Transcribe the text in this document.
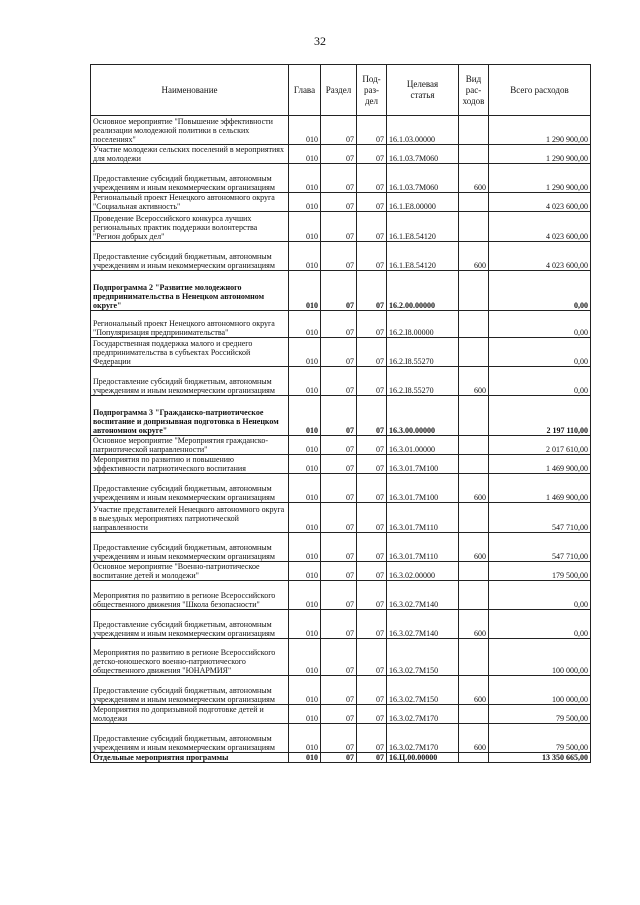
32
Наименование	Глава	Раздел	Под-
раз-
дел	Целевая
статья	Вид
рас-
ходов	Всего расходов
Основное мероприятие "Повышение эффективности реализации молодежной политики в сельских поселениях"	010	07	07	16.1.03.00000		1 290 900,00
Участие молодежи сельских поселений в мероприятиях для молодежи	010	07	07	16.1.03.7М060		1 290 900,00
Предоставление субсидий бюджетным, автономным учреждениям и иным некоммерческим организациям	010	07	07	16.1.03.7М060	600	1 290 900,00
Региональный проект Ненецкого автономного округа "Социальная активность"	010	07	07	16.1.Е8.00000		4 023 600,00
Проведение Всероссийского конкурса лучших региональных практик поддержки волонтерства "Регион добрых дел"	010	07	07	16.1.Е8.54120		4 023 600,00
Предоставление субсидий бюджетным, автономным учреждениям и иным некоммерческим организациям	010	07	07	16.1.Е8.54120	600	4 023 600,00
Подпрограмма 2 "Развитие молодежного предпринимательства в Ненецком автономном округе"	010	07	07	16.2.00.00000		0,00
Региональный проект Ненецкого автономного округа "Популяризация предпринимательства"	010	07	07	16.2.I8.00000		0,00
Государственная поддержка малого и среднего предпринимательства в субъектах Российской Федерации	010	07	07	16.2.I8.55270		0,00
Предоставление субсидий бюджетным, автономным учреждениям и иным некоммерческим организациям	010	07	07	16.2.I8.55270	600	0,00
Подпрограмма 3 "Гражданско-патриотическое воспитание и допризывная подготовка в Ненецком автономном округе"	010	07	07	16.3.00.00000		2 197 110,00
Основное мероприятие "Мероприятия гражданско-патриотической направленности"	010	07	07	16.3.01.00000		2 017 610,00
Мероприятия по развитию и повышению эффективности патриотического воспитания	010	07	07	16.3.01.7М100		1 469 900,00
Предоставление субсидий бюджетным, автономным учреждениям и иным некоммерческим организациям	010	07	07	16.3.01.7М100	600	1 469 900,00
Участие представителей Ненецкого автономного округа в выездных мероприятиях патриотической направленности	010	07	07	16.3.01.7М110		547 710,00
Предоставление субсидий бюджетным, автономным учреждениям и иным некоммерческим организациям	010	07	07	16.3.01.7М110	600	547 710,00
Основное мероприятие "Военно-патриотическое воспитание детей и молодежи"	010	07	07	16.3.02.00000		179 500,00
Мероприятия по развитию в регионе Всероссийского общественного движения "Школа безопасности"	010	07	07	16.3.02.7М140		0,00
Предоставление субсидий бюджетным, автономным учреждениям и иным некоммерческим организациям	010	07	07	16.3.02.7М140	600	0,00
Мероприятия по развитию в регионе Всероссийского детско-юношеского военно-патриотического общественного движения "ЮНАРМИЯ"	010	07	07	16.3.02.7М150		100 000,00
Предоставление субсидий бюджетным, автономным учреждениям и иным некоммерческим организациям	010	07	07	16.3.02.7М150	600	100 000,00
Мероприятия по допризывной подготовке детей и молодежи	010	07	07	16.3.02.7М170		79 500,00
Предоставление субсидий бюджетным, автономным учреждениям и иным некоммерческим организациям	010	07	07	16.3.02.7М170	600	79 500,00
Отдельные мероприятия программы	010	07	07	16.Ц.00.00000		13 350 665,00
